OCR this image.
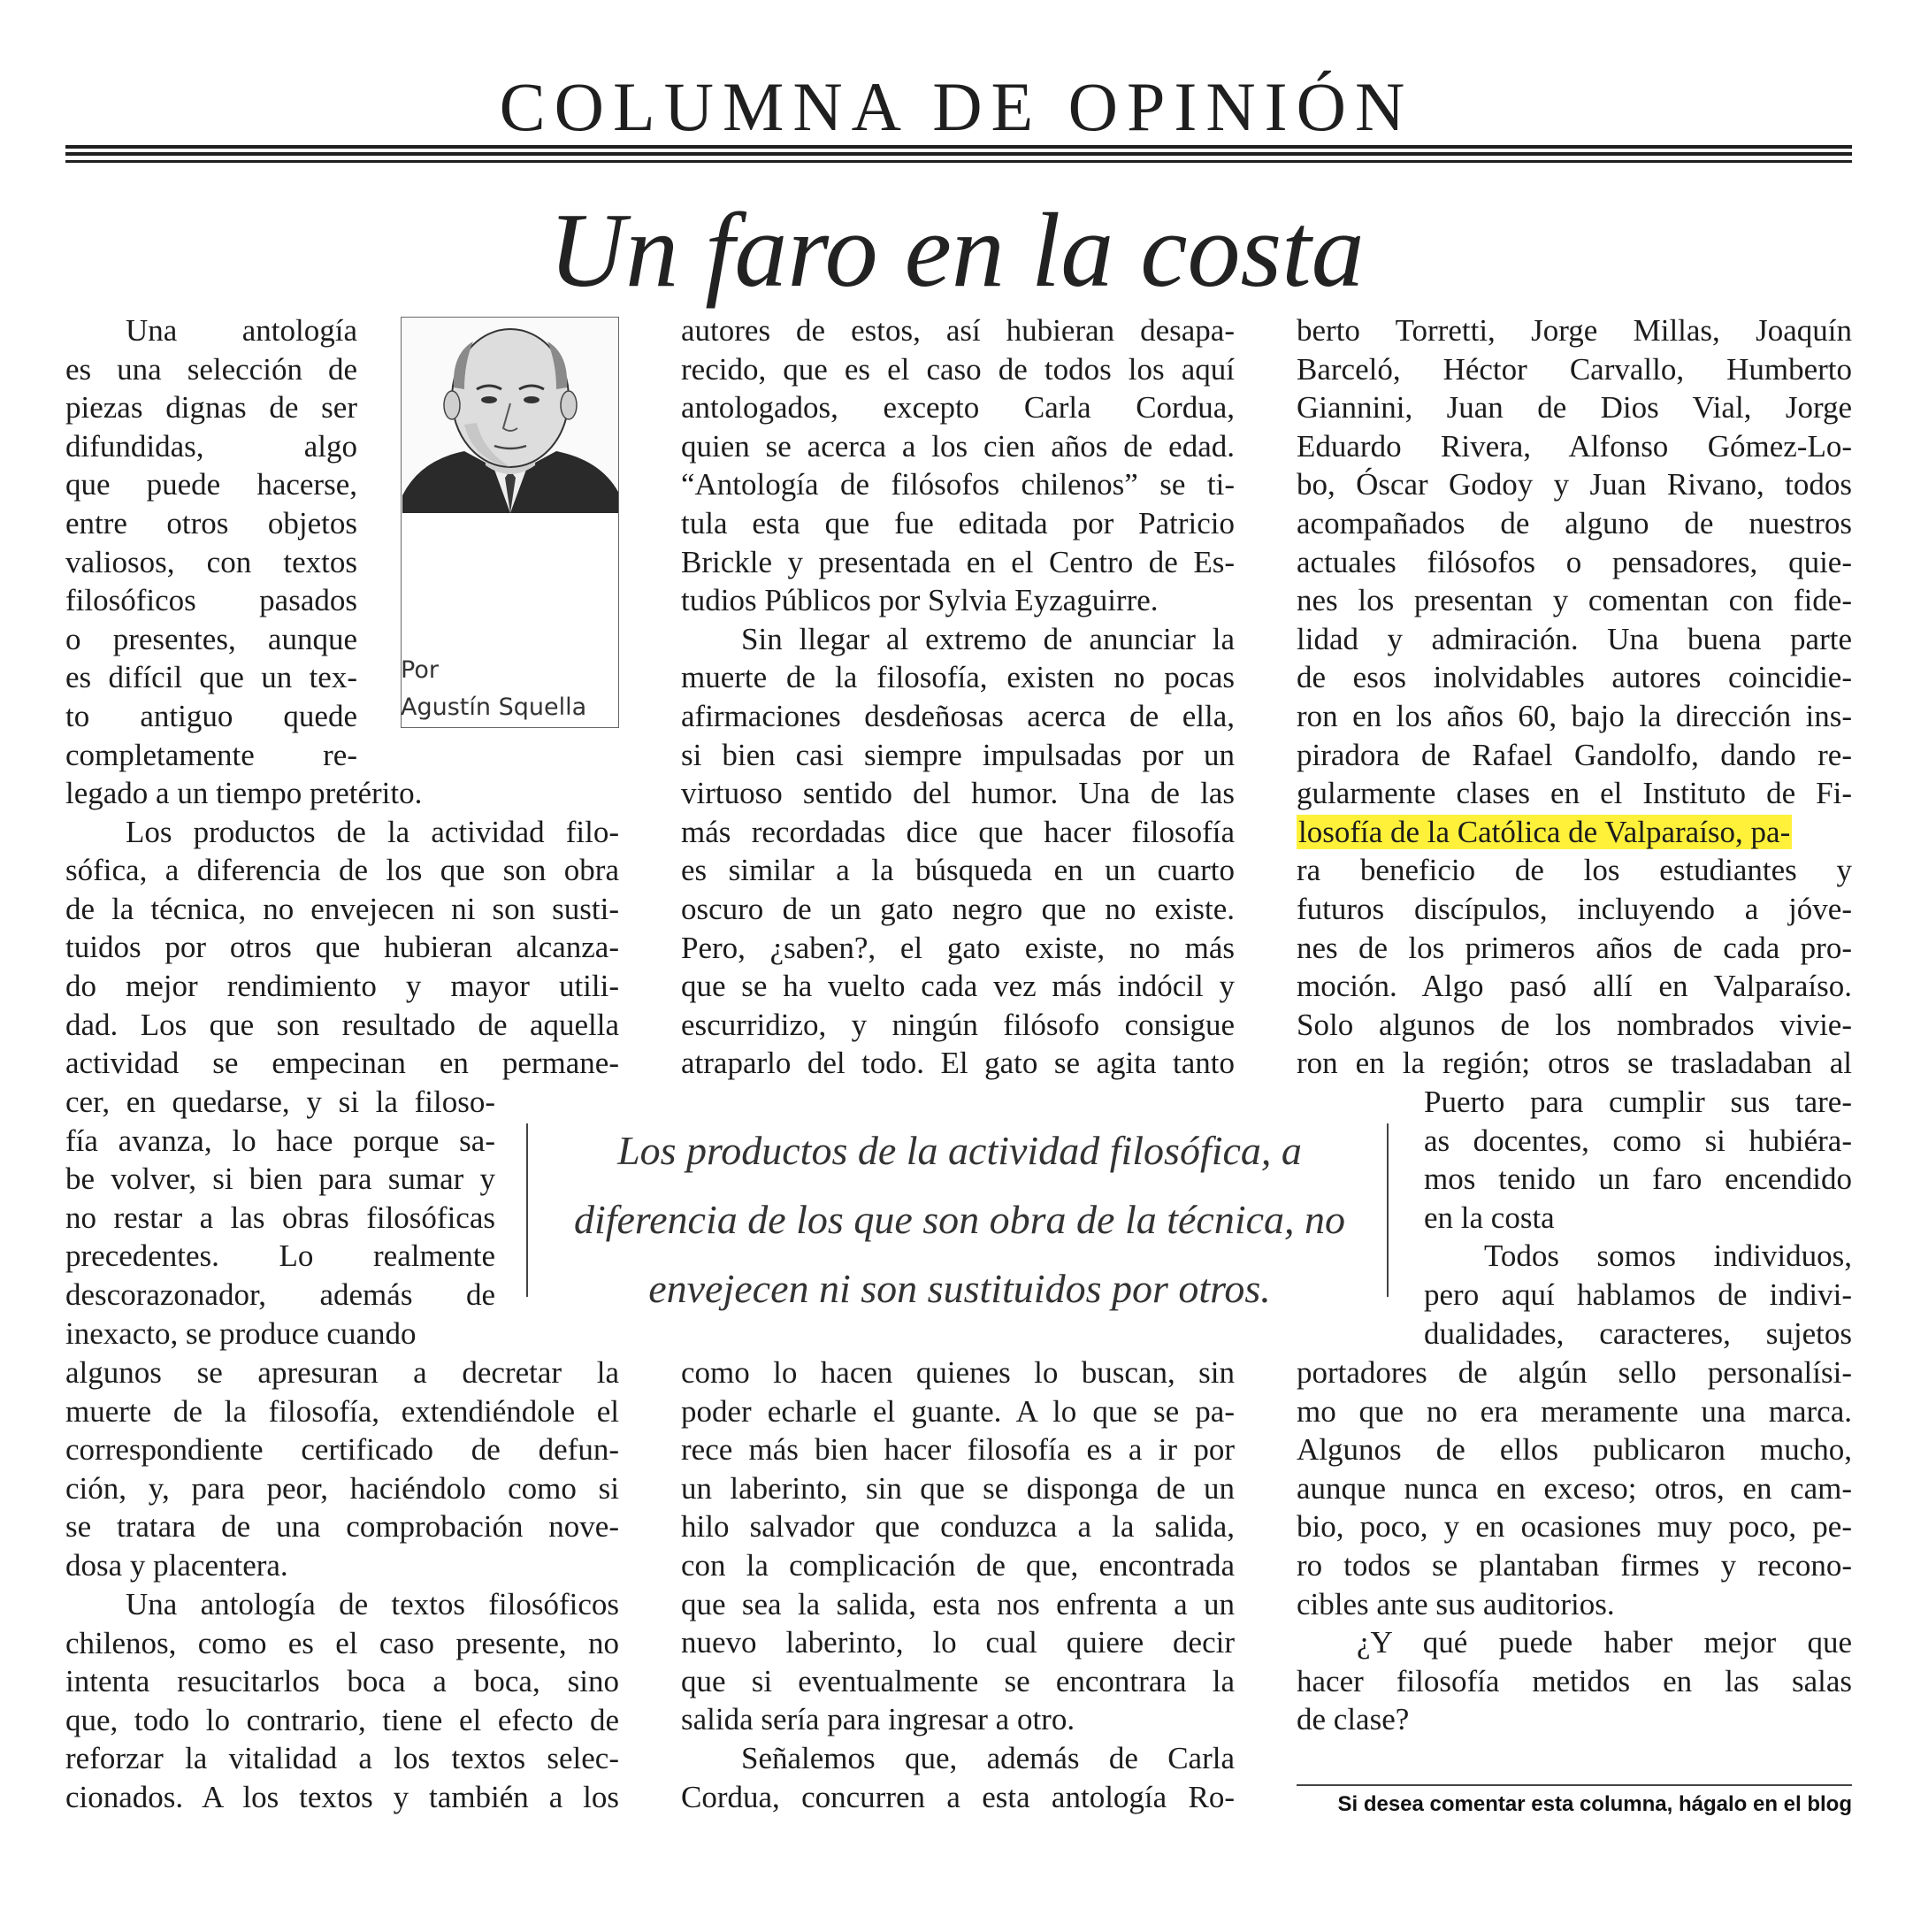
COLUMNA DE OPINIÓN
Un faro en la costa
Por
Agustín Squella
Una antología
es una selección de
piezas dignas de ser
difundidas, algo
que puede hacerse,
entre otros objetos
valiosos, con textos
filosóficos pasados
o presentes, aunque
es difícil que un tex-
to antiguo quede
completamente re-
legado a un tiempo pretérito.
Los productos de la actividad filo-
sófica, a diferencia de los que son obra
de la técnica, no envejecen ni son susti-
tuidos por otros que hubieran alcanza-
do mejor rendimiento y mayor utili-
dad. Los que son resultado de aquella
actividad se empecinan en permane-
cer, en quedarse, y si la filoso-
fía avanza, lo hace porque sa-
be volver, si bien para sumar y
no restar a las obras filosóficas
precedentes. Lo realmente
descorazonador, además de
inexacto, se produce cuando
algunos se apresuran a decretar la
muerte de la filosofía, extendiéndole el
correspondiente certificado de defun-
ción, y, para peor, haciéndolo como si
se tratara de una comprobación nove-
dosa y placentera.
Una antología de textos filosóficos
chilenos, como es el caso presente, no
intenta resucitarlos boca a boca, sino
que, todo lo contrario, tiene el efecto de
reforzar la vitalidad a los textos selec-
cionados. A los textos y también a los
autores de estos, así hubieran desapa-
recido, que es el caso de todos los aquí
antologados, excepto Carla Cordua,
quien se acerca a los cien años de edad.
“Antología de filósofos chilenos” se ti-
tula esta que fue editada por Patricio
Brickle y presentada en el Centro de Es-
tudios Públicos por Sylvia Eyzaguirre.
Sin llegar al extremo de anunciar la
muerte de la filosofía, existen no pocas
afirmaciones desdeñosas acerca de ella,
si bien casi siempre impulsadas por un
virtuoso sentido del humor. Una de las
más recordadas dice que hacer filosofía
es similar a la búsqueda en un cuarto
oscuro de un gato negro que no existe.
Pero, ¿saben?, el gato existe, no más
que se ha vuelto cada vez más indócil y
escurridizo, y ningún filósofo consigue
atraparlo del todo. El gato se agita tanto
como lo hacen quienes lo buscan, sin
poder echarle el guante. A lo que se pa-
rece más bien hacer filosofía es a ir por
un laberinto, sin que se disponga de un
hilo salvador que conduzca a la salida,
con la complicación de que, encontrada
que sea la salida, esta nos enfrenta a un
nuevo laberinto, lo cual quiere decir
que si eventualmente se encontrara la
salida sería para ingresar a otro.
Señalemos que, además de Carla
Cordua, concurren a esta antología Ro-
Los productos de la actividad filosófica, a
diferencia de los que son obra de la técnica, no
envejecen ni son sustituidos por otros.
berto Torretti, Jorge Millas, Joaquín
Barceló, Héctor Carvallo, Humberto
Giannini, Juan de Dios Vial, Jorge
Eduardo Rivera, Alfonso Gómez-Lo-
bo, Óscar Godoy y Juan Rivano, todos
acompañados de alguno de nuestros
actuales filósofos o pensadores, quie-
nes los presentan y comentan con fide-
lidad y admiración. Una buena parte
de esos inolvidables autores coincidie-
ron en los años 60, bajo la dirección ins-
piradora de Rafael Gandolfo, dando re-
gularmente clases en el Instituto de Fi-
losofía de la Católica de Valparaíso, pa-
ra beneficio de los estudiantes y
futuros discípulos, incluyendo a jóve-
nes de los primeros años de cada pro-
moción. Algo pasó allí en Valparaíso.
Solo algunos de los nombrados vivie-
ron en la región; otros se trasladaban al
Puerto para cumplir sus tare-
as docentes, como si hubiéra-
mos tenido un faro encendido
en la costa
Todos somos individuos,
pero aquí hablamos de indivi-
dualidades, caracteres, sujetos
portadores de algún sello personalísi-
mo que no era meramente una marca.
Algunos de ellos publicaron mucho,
aunque nunca en exceso; otros, en cam-
bio, poco, y en ocasiones muy poco, pe-
ro todos se plantaban firmes y recono-
cibles ante sus auditorios.
¿Y qué puede haber mejor que
hacer filosofía metidos en las salas
de clase?
Si desea comentar esta columna, hágalo en el blog
